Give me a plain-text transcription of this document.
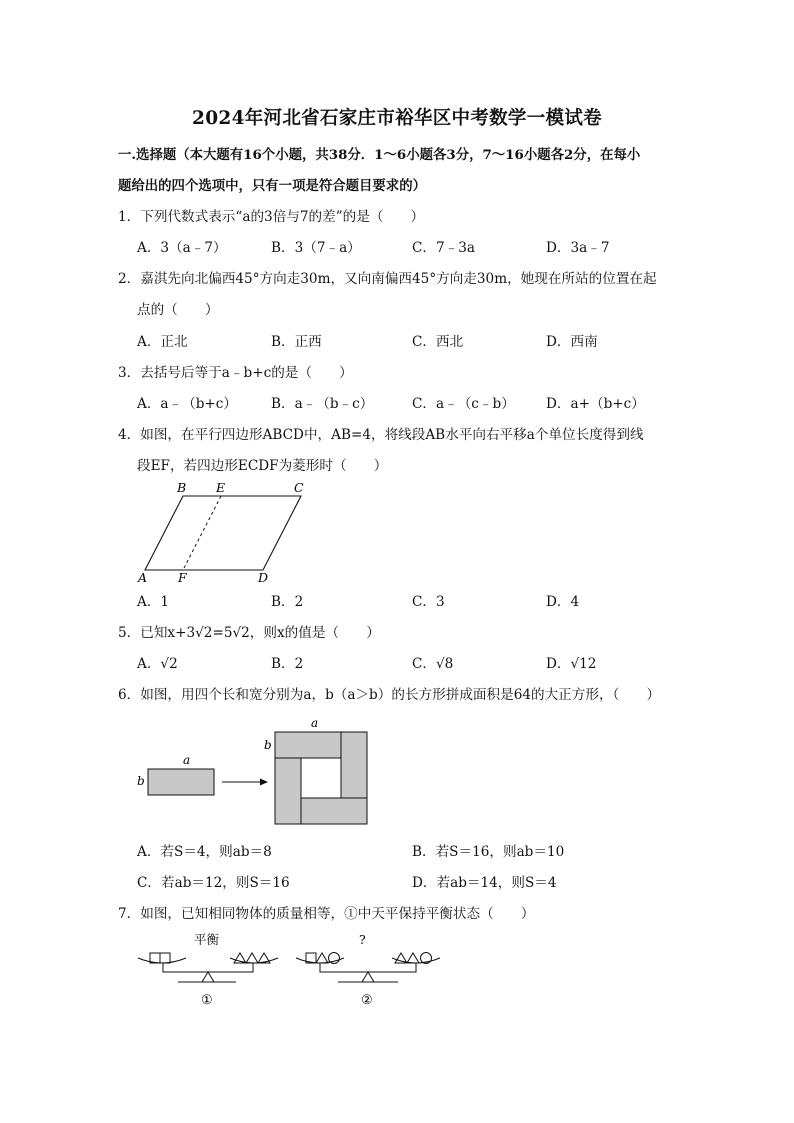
2024年河北省石家庄市裕华区中考数学一模试卷
一.选择题（本大题有16个小题，共38分．1～6小题各3分，7～16小题各2分，在每小
题给出的四个选项中，只有一项是符合题目要求的）
1．下列代数式表示“a的3倍与7的差”的是（　　）
A．3（a﹣7）	B．3（7﹣a）	C．7﹣3a	D．3a﹣7
2．嘉淇先向北偏西45°方向走30m，又向南偏西45°方向走30m，她现在所站的位置在起
点的（　　）
A．正北	B．正西	C．西北	D．西南
3．去括号后等于a﹣b+c的是（　　）
A．a﹣（b+c） B．a﹣（b﹣c）	C．a﹣（c﹣b） D．a+（b+c）
4．如图，在平行四边形ABCD中，AB=4，将线段AB水平向右平移a个单位长度得到线
段EF，若四边形ECDF为菱形时（　　）
B E	C
A F	D
A．1	B．2	C．3	D．4
5．已知x+3√2=5√2，则x的值是（　　）
A．√2	B．2	C．√8	D．√12
6．如图，用四个长和宽分别为a，b（a＞b）的长方形拼成面积是64的大正方形，（　　）
a
b
a
b
A．若S＝4，则ab＝8	B．若S＝16，则ab＝10
C．若ab＝12，则S＝16	D．若ab＝14，则S＝4
7．如图，已知相同物体的质量相等，①中天平保持平衡状态（　　）
平衡
①
?
②
